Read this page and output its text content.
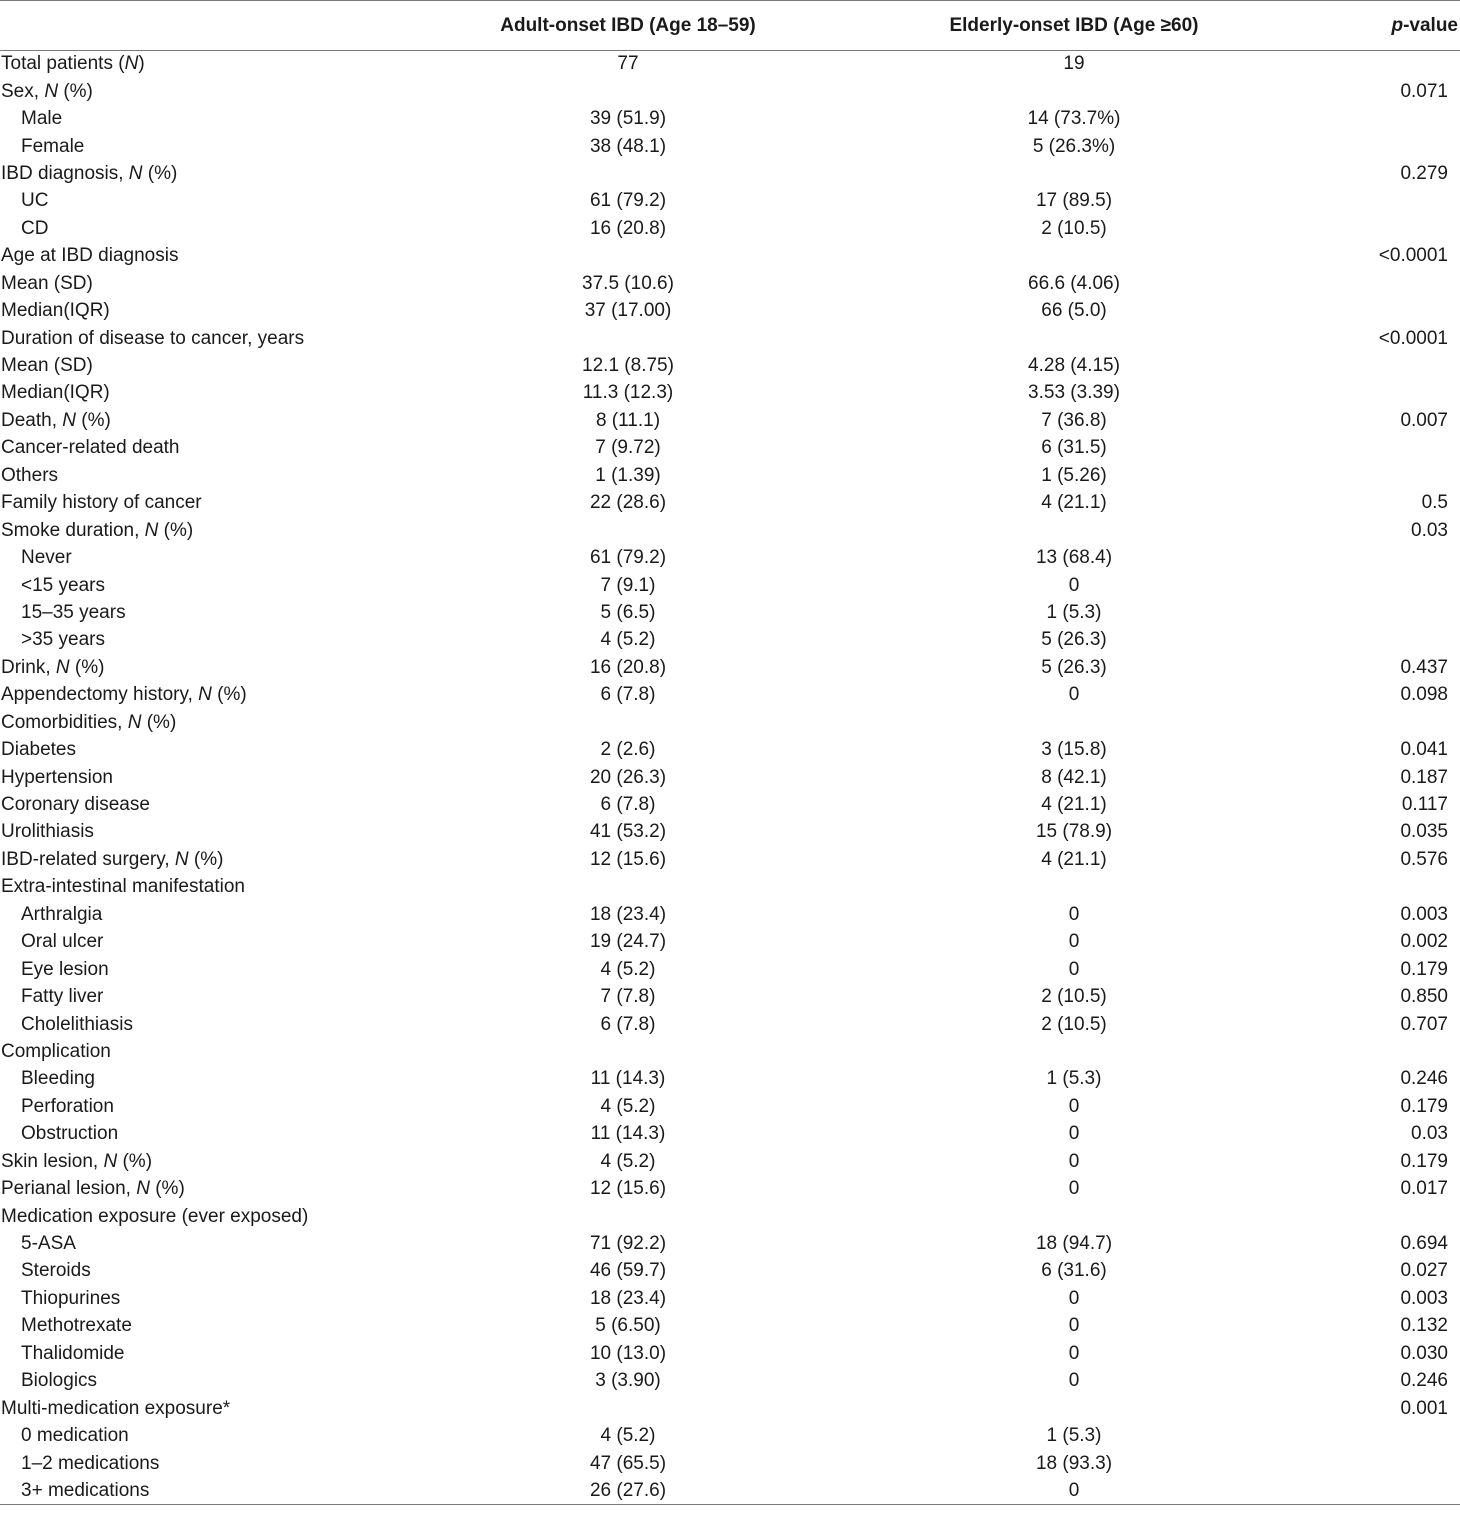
	Adult-onset IBD (Age 18–59)	Elderly-onset IBD (Age ≥60)	p-value
Total patients (N)	77	19	
Sex, N (%)			0.071
Male	39 (51.9)	14 (73.7%)	
Female	38 (48.1)	5 (26.3%)	
IBD diagnosis, N (%)			0.279
UC	61 (79.2)	17 (89.5)	
CD	16 (20.8)	2 (10.5)	
Age at IBD diagnosis			<0.0001
Mean (SD)	37.5 (10.6)	66.6 (4.06)	
Median(IQR)	37 (17.00)	66 (5.0)	
Duration of disease to cancer, years			<0.0001
Mean (SD)	12.1 (8.75)	4.28 (4.15)	
Median(IQR)	11.3 (12.3)	3.53 (3.39)	
Death, N (%)	8 (11.1)	7 (36.8)	0.007
Cancer-related death	7 (9.72)	6 (31.5)	
Others	1 (1.39)	1 (5.26)	
Family history of cancer	22 (28.6)	4 (21.1)	0.5
Smoke duration, N (%)			0.03
Never	61 (79.2)	13 (68.4)	
<15 years	7 (9.1)	0	
15–35 years	5 (6.5)	1 (5.3)	
>35 years	4 (5.2)	5 (26.3)	
Drink, N (%)	16 (20.8)	5 (26.3)	0.437
Appendectomy history, N (%)	6 (7.8)	0	0.098
Comorbidities, N (%)			
Diabetes	2 (2.6)	3 (15.8)	0.041
Hypertension	20 (26.3)	8 (42.1)	0.187
Coronary disease	6 (7.8)	4 (21.1)	0.117
Urolithiasis	41 (53.2)	15 (78.9)	0.035
IBD-related surgery, N (%)	12 (15.6)	4 (21.1)	0.576
Extra-intestinal manifestation			
Arthralgia	18 (23.4)	0	0.003
Oral ulcer	19 (24.7)	0	0.002
Eye lesion	4 (5.2)	0	0.179
Fatty liver	7 (7.8)	2 (10.5)	0.850
Cholelithiasis	6 (7.8)	2 (10.5)	0.707
Complication			
Bleeding	11 (14.3)	1 (5.3)	0.246
Perforation	4 (5.2)	0	0.179
Obstruction	11 (14.3)	0	0.03
Skin lesion, N (%)	4 (5.2)	0	0.179
Perianal lesion, N (%)	12 (15.6)	0	0.017
Medication exposure (ever exposed)			
5-ASA	71 (92.2)	18 (94.7)	0.694
Steroids	46 (59.7)	6 (31.6)	0.027
Thiopurines	18 (23.4)	0	0.003
Methotrexate	5 (6.50)	0	0.132
Thalidomide	10 (13.0)	0	0.030
Biologics	3 (3.90)	0	0.246
Multi-medication exposure*			0.001
0 medication	4 (5.2)	1 (5.3)	
1–2 medications	47 (65.5)	18 (93.3)	
3+ medications	26 (27.6)	0	
